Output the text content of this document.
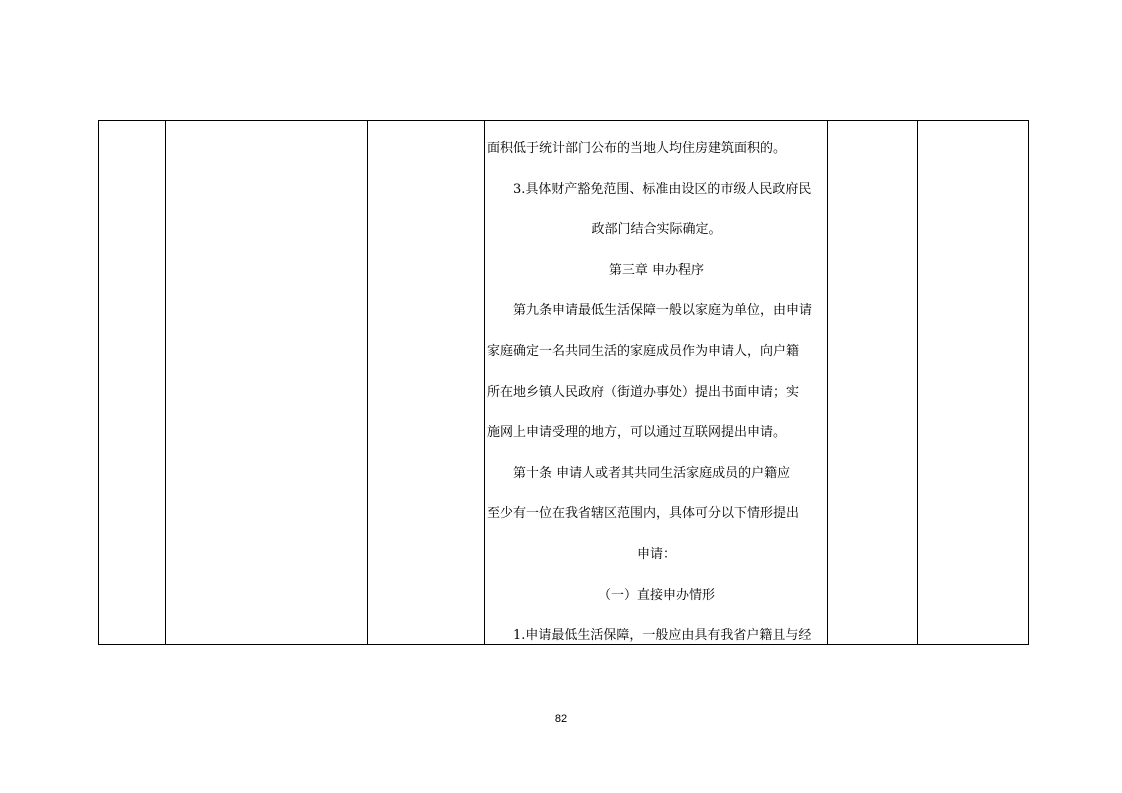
面积低于统计部门公布的当地人均住房建筑面积的。
3.具体财产豁免范围、标准由设区的市级人民政府民
政部门结合实际确定。
第三章 申办程序
第九条申请最低生活保障一般以家庭为单位，由申请
家庭确定一名共同生活的家庭成员作为申请人，向户籍
所在地乡镇人民政府（街道办事处）提出书面申请；实
施网上申请受理的地方，可以通过互联网提出申请。
第十条 申请人或者其共同生活家庭成员的户籍应
至少有一位在我省辖区范围内，具体可分以下情形提出
申请：
（一）直接申办情形
1.申请最低生活保障，一般应由具有我省户籍且与经

82
